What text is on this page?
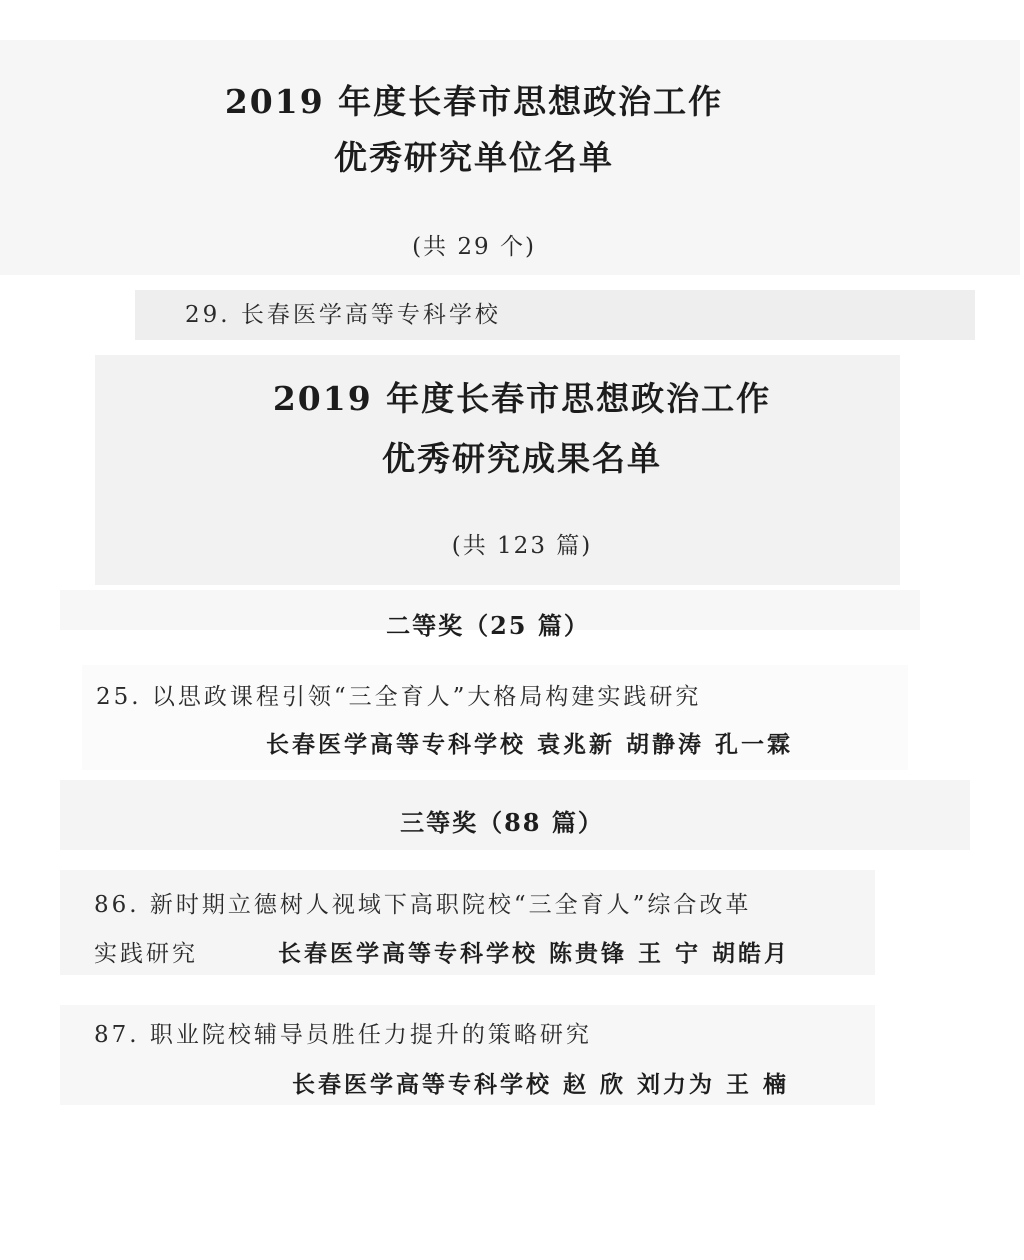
2019 年度长春市思想政治工作
优秀研究单位名单
(共 29 个)
29. 长春医学高等专科学校
2019 年度长春市思想政治工作
优秀研究成果名单
(共 123 篇)
二等奖（25 篇）
25. 以思政课程引领“三全育人”大格局构建实践研究
长春医学高等专科学校 袁兆新 胡静涛 孔一霖
三等奖（88 篇）
86. 新时期立德树人视域下高职院校“三全育人”综合改革
实践研究	长春医学高等专科学校 陈贵锋 王 宁 胡皓月
87. 职业院校辅导员胜任力提升的策略研究
长春医学高等专科学校 赵 欣 刘力为 王 楠
